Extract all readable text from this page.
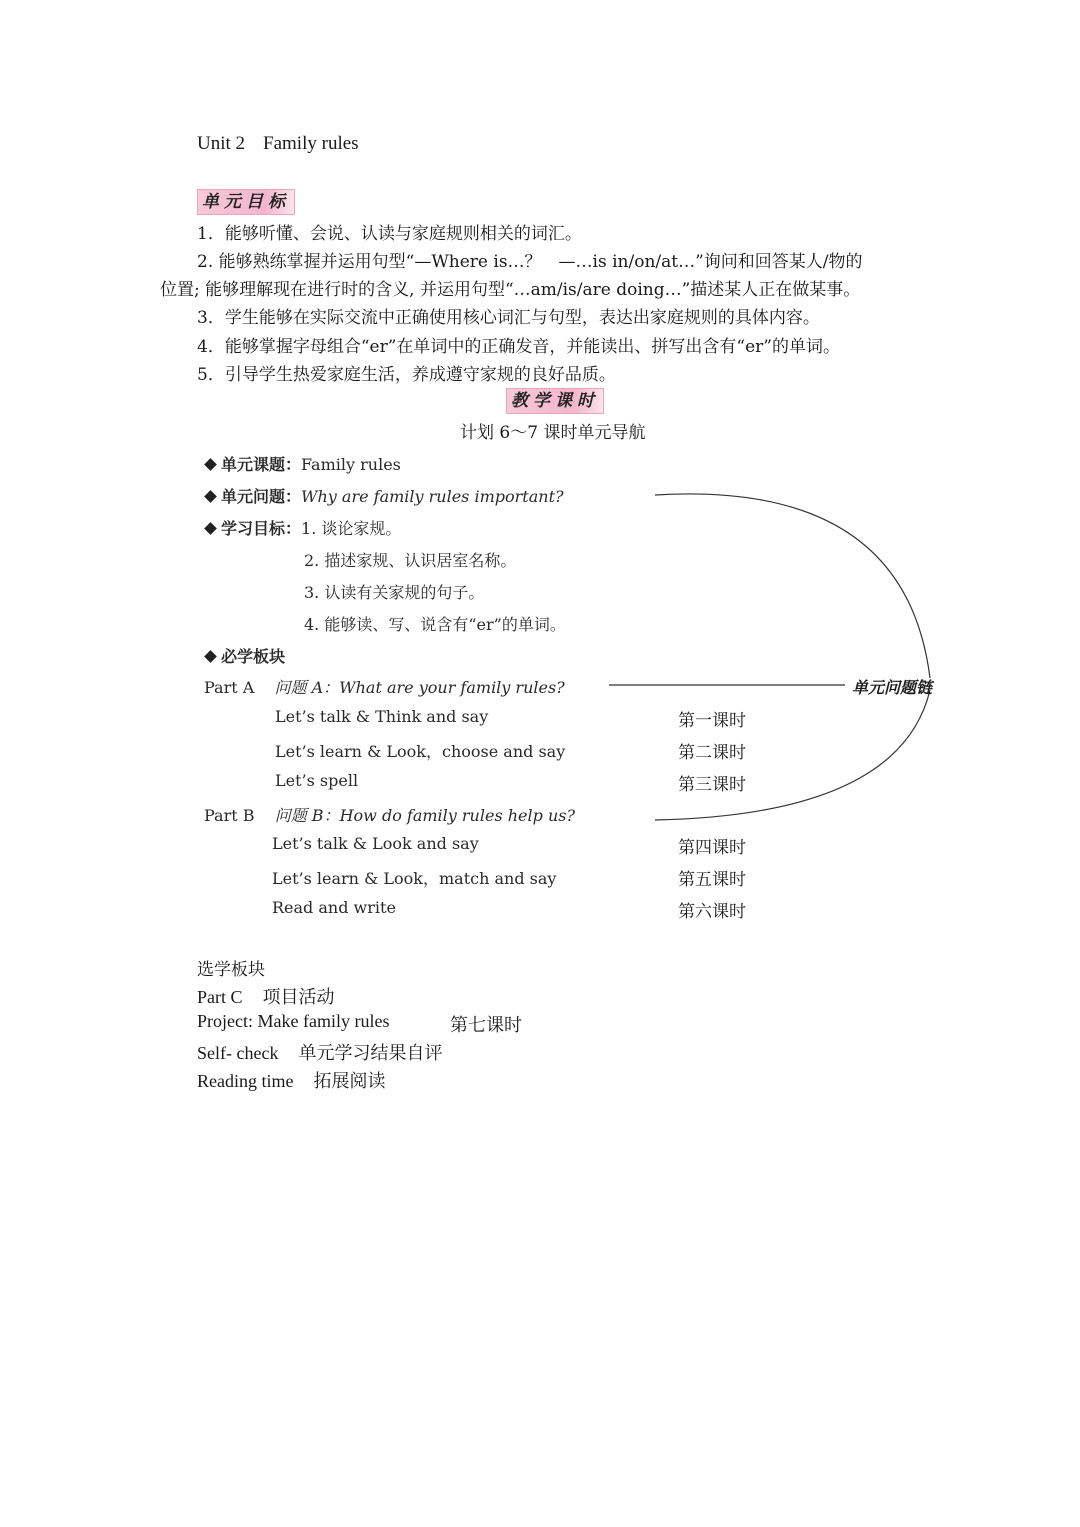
Unit 2 Family rules
单元目标
1．能够听懂、会说、认读与家庭规则相关的词汇。
2. 能够熟练掌握并运用句型“—Where is…？　—…is in/on/at…”询问和回答某人/物的
位置; 能够理解现在进行时的含义, 并运用句型“…am/is/are doing…”描述某人正在做某事。
3．学生能够在实际交流中正确使用核心词汇与句型，表达出家庭规则的具体内容。
4．能够掌握字母组合“er”在单词中的正确发音，并能读出、拼写出含有“er”的单词。
5．引导学生热爱家庭生活，养成遵守家规的良好品质。
教学课时
计划 6～7 课时单元导航
单元课题：Family rules
单元问题：Why are family rules important?
学习目标：1. 谈论家规。
2. 描述家规、认识居室名称。
3. 认读有关家规的句子。
4. 能够读、写、说含有“er”的单词。
必学板块
Part A 问题 A：What are your family rules?
Let’s talk & Think and say	第一课时
Let’s learn & Look，choose and say	第二课时
Let’s spell	第三课时
Part B 问题 B：How do family rules help us?
Let’s talk & Look and say	第四课时
Let’s learn & Look，match and say	第五课时
Read and write	第六课时
单元问题链
选学板块
Part C 项目活动
Project: Make family rules	第七课时
Self- check 单元学习结果自评
Reading time 拓展阅读
